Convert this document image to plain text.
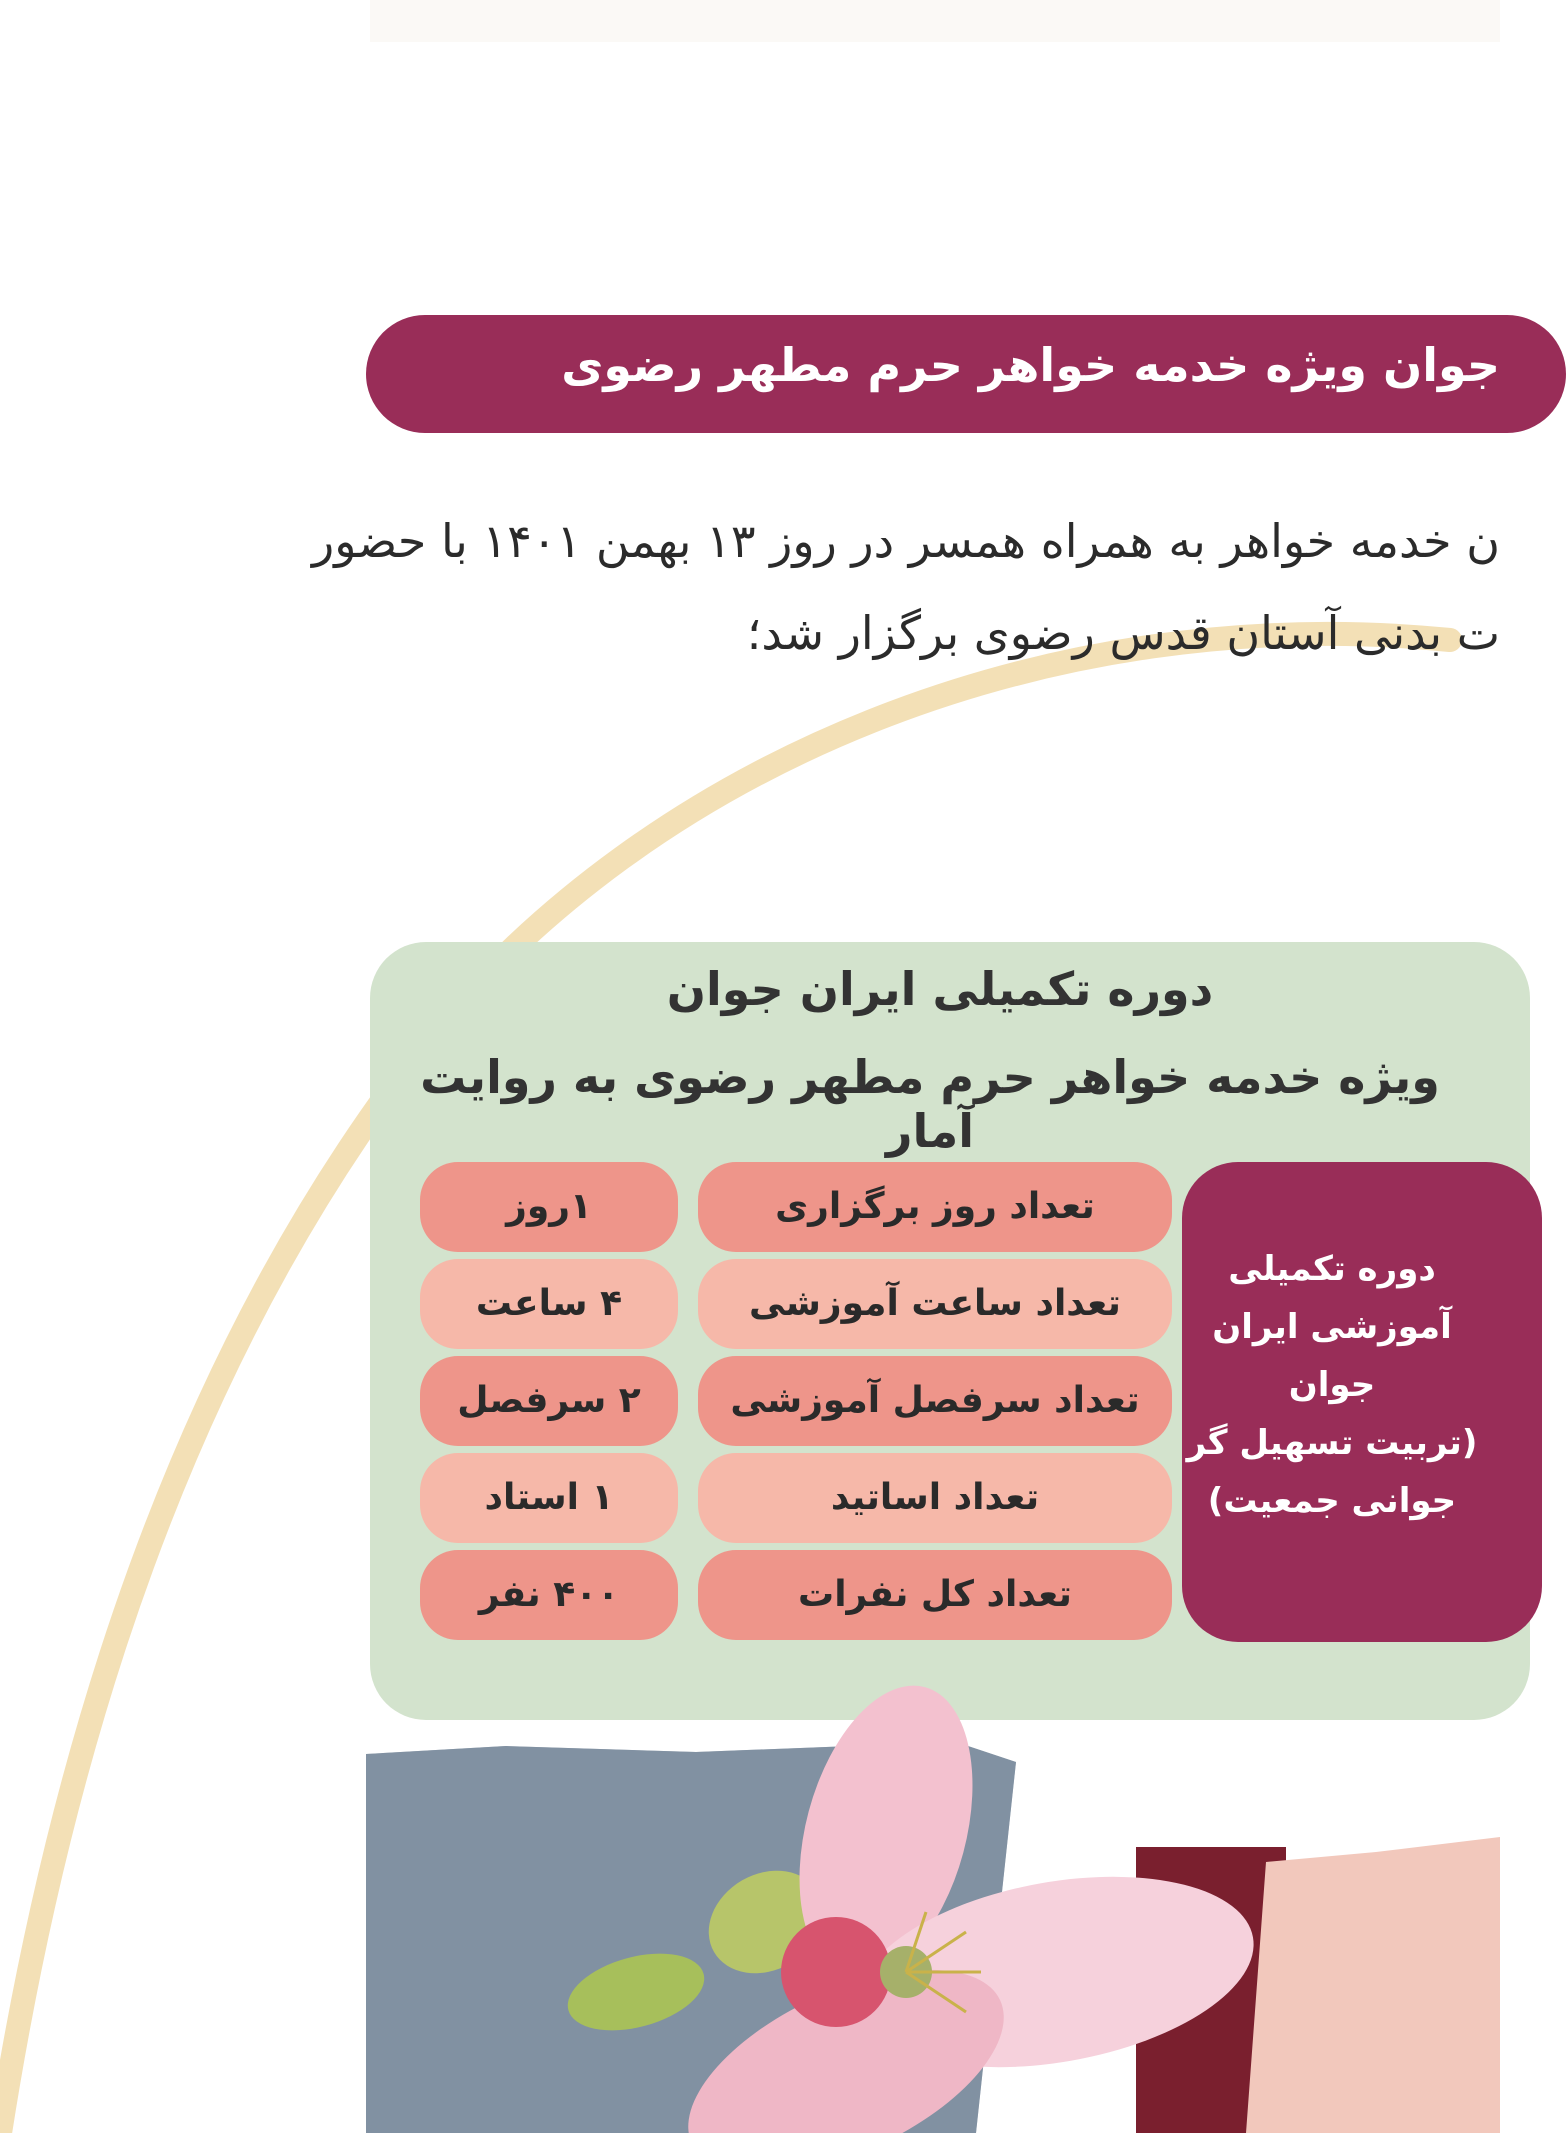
جوان ویژه خدمه خواهر حرم مطهر رضوی
ن خدمه خواهر به همراه همسر در روز ۱۳ بهمن ۱۴۰۱ با حضور
ت بدنی آستان قدس رضوی برگزار شد؛
دوره تکمیلی ایران جوان
ویژه خدمه خواهر حرم مطهر رضوی به روایت آمار
۱روز	تعداد روز برگزاری
۴ ساعت	تعداد ساعت آموزشی
۲ سرفصل	تعداد سرفصل آموزشی
۱ استاد	تعداد اساتید
۴۰۰ نفر	تعداد کل نفرات
دوره تکمیلی
آموزشی ایران جوان
(تربیت تسهیل گر
جوانی جمعیت)
